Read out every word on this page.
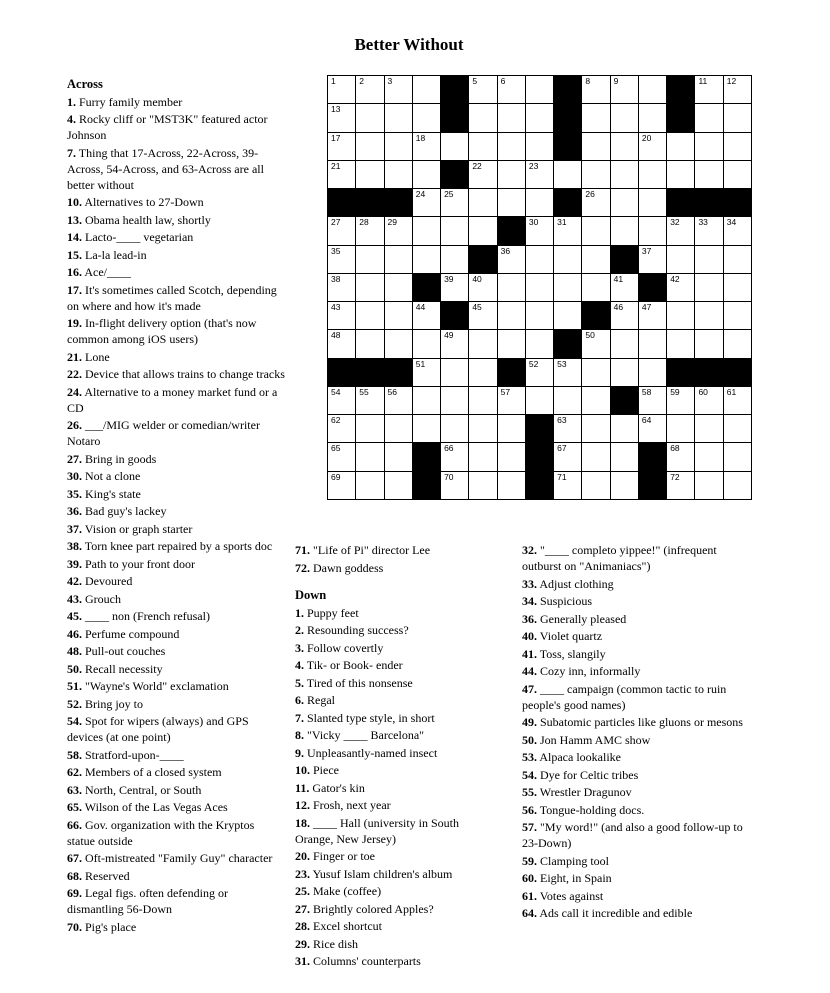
Better Without
Across
1. Furry family member
4. Rocky cliff or "MST3K" featured actor Johnson
7. Thing that 17-Across, 22-Across, 39-Across, 54-Across, and 63-Across are all better without
10. Alternatives to 27-Down
13. Obama health law, shortly
14. Lacto-____ vegetarian
15. La-la lead-in
16. Ace/____
17. It's sometimes called Scotch, depending on where and how it's made
19. In-flight delivery option (that's now common among iOS users)
21. Lone
22. Device that allows trains to change tracks
24. Alternative to a money market fund or a CD
26. ___/MIG welder or comedian/writer Notaro
27. Bring in goods
30. Not a clone
35. King's state
36. Bad guy's lackey
37. Vision or graph starter
38. Torn knee part repaired by a sports doc
39. Path to your front door
42. Devoured
43. Grouch
45. ____ non (French refusal)
46. Perfume compound
48. Pull-out couches
50. Recall necessity
51. "Wayne's World" exclamation
52. Bring joy to
54. Spot for wipers (always) and GPS devices (at one point)
58. Stratford-upon-____
62. Members of a closed system
63. North, Central, or South
65. Wilson of the Las Vegas Aces
66. Gov. organization with the Kryptos statue outside
67. Oft-mistreated "Family Guy" character
68. Reserved
69. Legal figs. often defending or dismantling 56-Down
70. Pig's place
1	2	3	5	6	8	9	11 12
13
17	18	20
21	22	23
24 25	26
27 28 29	30 31	32 33 34
35	36	37
38	39 40	41	42
43	44	45	46 47
48	49	50
51	52 53
54 55 56	57	58 59 60 61
62	63	64
65	66	67	68
69	70	71	72
71. "Life of Pi" director Lee
72. Dawn goddess
Down
1. Puppy feet
2. Resounding success?
3. Follow covertly
4. Tik- or Book- ender
5. Tired of this nonsense
6. Regal
7. Slanted type style, in short
8. "Vicky ____ Barcelona"
9. Unpleasantly-named insect
10. Piece
11. Gator's kin
12. Frosh, next year
18. ____ Hall (university in South Orange, New Jersey)
20. Finger or toe
23. Yusuf Islam children's album
25. Make (coffee)
27. Brightly colored Apples?
28. Excel shortcut
29. Rice dish
31. Columns' counterparts
32. "____ completo yippee!" (infrequent outburst on "Animaniacs")
33. Adjust clothing
34. Suspicious
36. Generally pleased
40. Violet quartz
41. Toss, slangily
44. Cozy inn, informally
47. ____ campaign (common tactic to ruin people's good names)
49. Subatomic particles like gluons or mesons
50. Jon Hamm AMC show
53. Alpaca lookalike
54. Dye for Celtic tribes
55. Wrestler Dragunov
56. Tongue-holding docs.
57. "My word!" (and also a good follow-up to 23-Down)
59. Clamping tool
60. Eight, in Spain
61. Votes against
64. Ads call it incredible and edible
